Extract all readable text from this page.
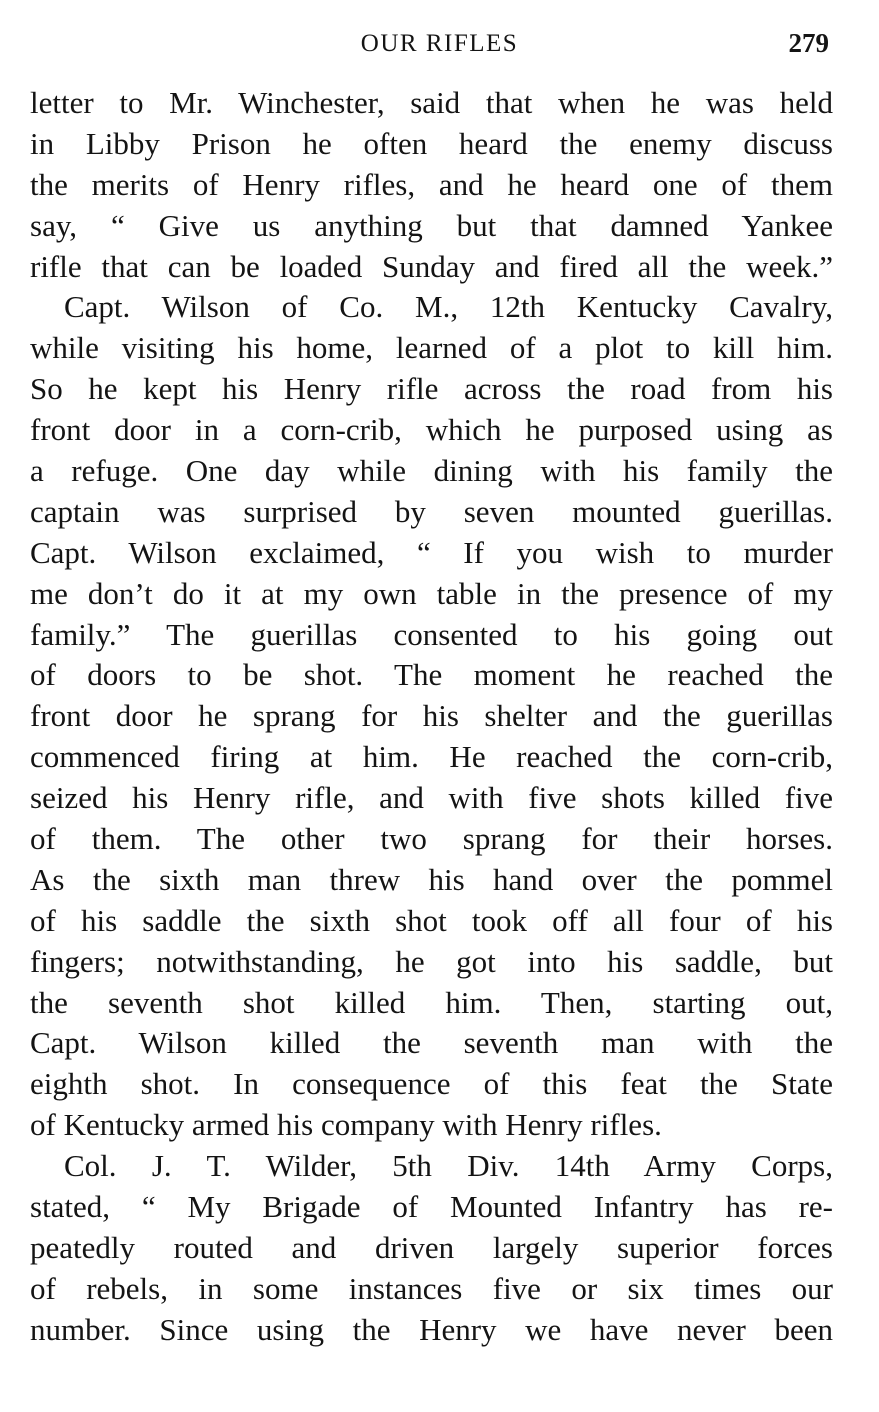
OUR RIFLES	279
letter to Mr. Winchester, said that when he was held
in Libby Prison he often heard the enemy discuss
the merits of Henry rifles, and he heard one of them
say, “ Give us anything but that damned Yankee
rifle that can be loaded Sunday and fired all the week.”
Capt. Wilson of Co. M., 12th Kentucky Cavalry,
while visiting his home, learned of a plot to kill him.
So he kept his Henry rifle across the road from his
front door in a corn-crib, which he purposed using as
a refuge. One day while dining with his family the
captain was surprised by seven mounted guerillas.
Capt. Wilson exclaimed, “ If you wish to murder
me don’t do it at my own table in the presence of my
family.” The guerillas consented to his going out
of doors to be shot. The moment he reached the
front door he sprang for his shelter and the guerillas
commenced firing at him. He reached the corn-crib,
seized his Henry rifle, and with five shots killed five
of them. The other two sprang for their horses.
As the sixth man threw his hand over the pommel
of his saddle the sixth shot took off all four of his
fingers; notwithstanding, he got into his saddle, but
the seventh shot killed him. Then, starting out,
Capt. Wilson killed the seventh man with the
eighth shot. In consequence of this feat the State
of Kentucky armed his company with Henry rifles.
Col. J. T. Wilder, 5th Div. 14th Army Corps,
stated, “ My Brigade of Mounted Infantry has re-
peatedly routed and driven largely superior forces
of rebels, in some instances five or six times our
number. Since using the Henry we have never been
